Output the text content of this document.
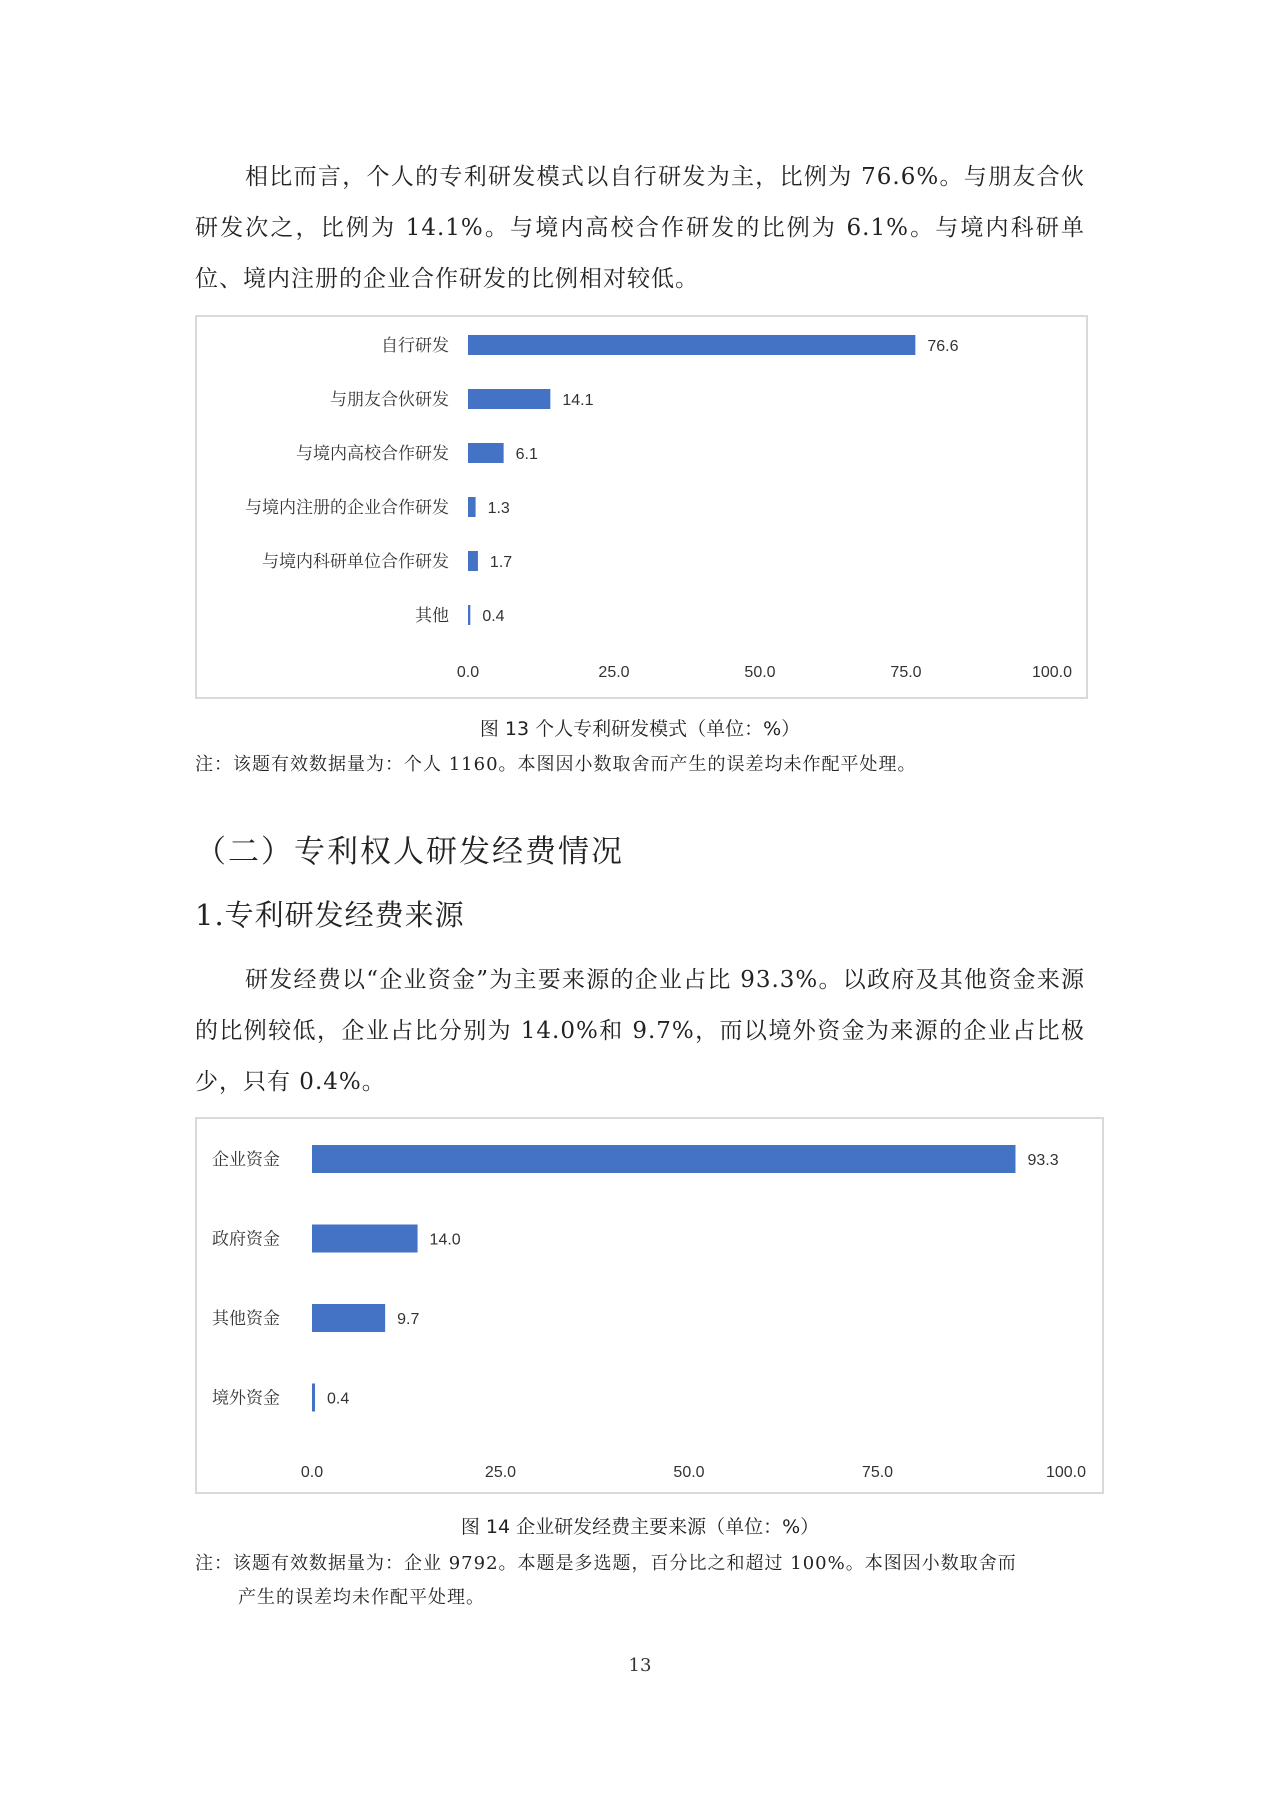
相比而言，个人的专利研发模式以自行研发为主，比例为 76.6%。与朋友合伙研发次之，比例为 14.1%。与境内高校合作研发的比例为 6.1%。与境内科研单位、境内注册的企业合作研发的比例相对较低。

自行研发	76.6
与朋友合伙研发	14.1
与境内高校合作研发	6.1
与境内注册的企业合作研发 1.3
与境内科研单位合作研发	1.7
其他 0.4
0.0	25.0	50.0	75.0	100.0
图 13 个人专利研发模式（单位：%）

注：该题有效数据量为：个人 1160。本图因小数取舍而产生的误差均未作配平处理。

（二）专利权人研发经费情况
1.专利研发经费来源

研发经费以“企业资金”为主要来源的企业占比 93.3%。以政府及其他资金来源的比例较低，企业占比分别为 14.0%和 9.7%，而以境外资金为来源的企业占比极少，只有 0.4%。

企业资金	93.3
政府资金	14.0
其他资金	9.7
境外资金	0.4
0.0	25.0	50.0	75.0	100.0
图 14 企业研发经费主要来源（单位：%）
注：该题有效数据量为：企业 9792。本题是多选题，百分比之和超过 100%。本图因小数取舍而
产生的误差均未作配平处理。
13
